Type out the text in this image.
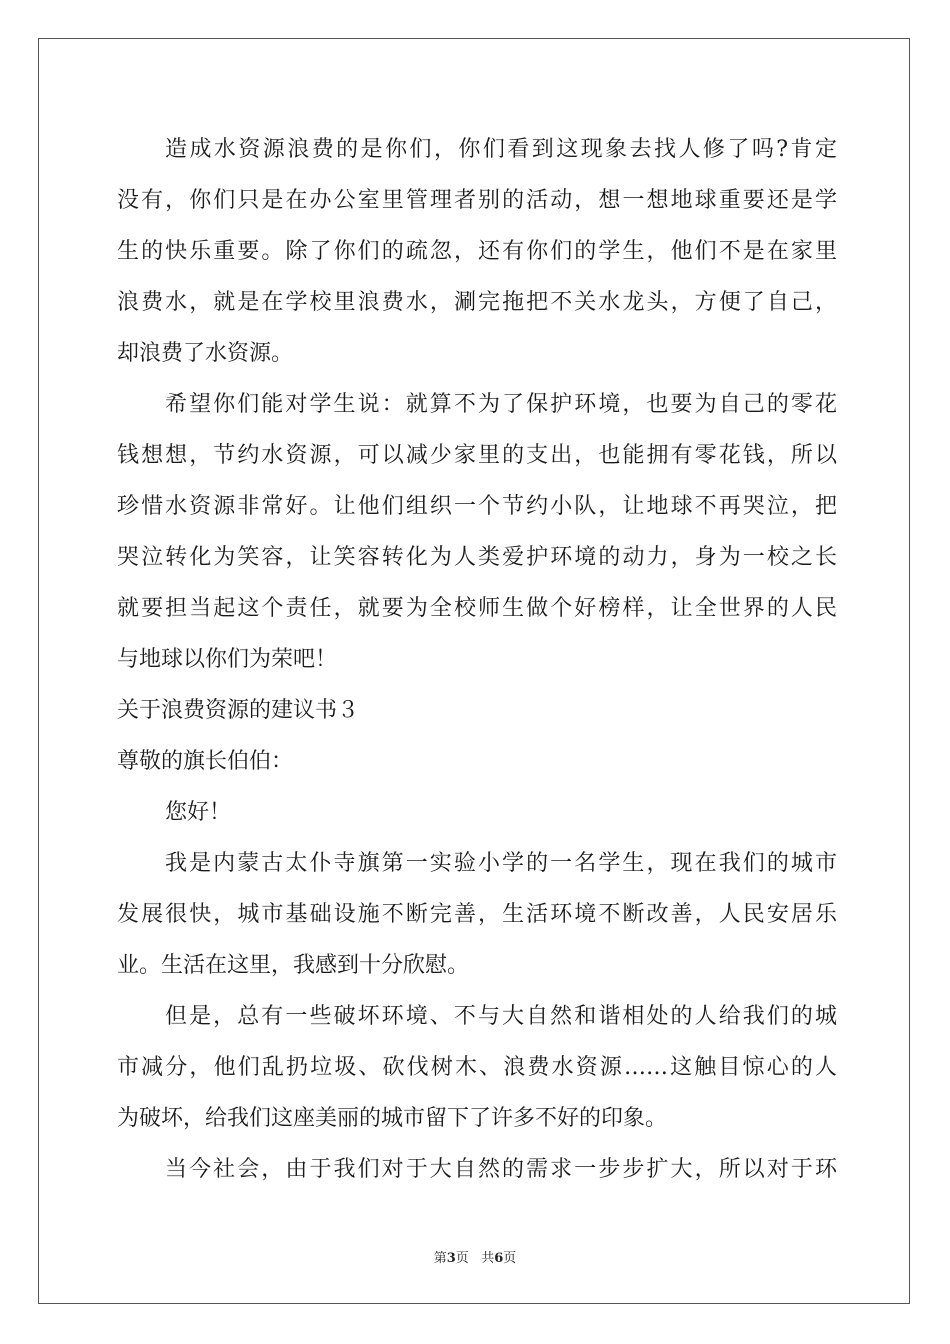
造成水资源浪费的是你们，你们看到这现象去找人修了吗?肯定
没有，你们只是在办公室里管理者别的活动，想一想地球重要还是学
生的快乐重要。除了你们的疏忽，还有你们的学生，他们不是在家里
浪费水，就是在学校里浪费水，涮完拖把不关水龙头，方便了自己，
却浪费了水资源。
希望你们能对学生说：就算不为了保护环境，也要为自己的零花
钱想想，节约水资源，可以减少家里的支出，也能拥有零花钱，所以
珍惜水资源非常好。让他们组织一个节约小队，让地球不再哭泣，把
哭泣转化为笑容，让笑容转化为人类爱护环境的动力，身为一校之长
就要担当起这个责任，就要为全校师生做个好榜样，让全世界的人民
与地球以你们为荣吧！
关于浪费资源的建议书３
尊敬的旗长伯伯：
您好！
我是内蒙古太仆寺旗第一实验小学的一名学生，现在我们的城市
发展很快，城市基础设施不断完善，生活环境不断改善，人民安居乐
业。生活在这里，我感到十分欣慰。
但是，总有一些破坏环境、不与大自然和谐相处的人给我们的城
市减分，他们乱扔垃圾、砍伐树木、浪费水资源……这触目惊心的人
为破坏，给我们这座美丽的城市留下了许多不好的印象。
当今社会，由于我们对于大自然的需求一步步扩大，所以对于环
第3页 共6页
